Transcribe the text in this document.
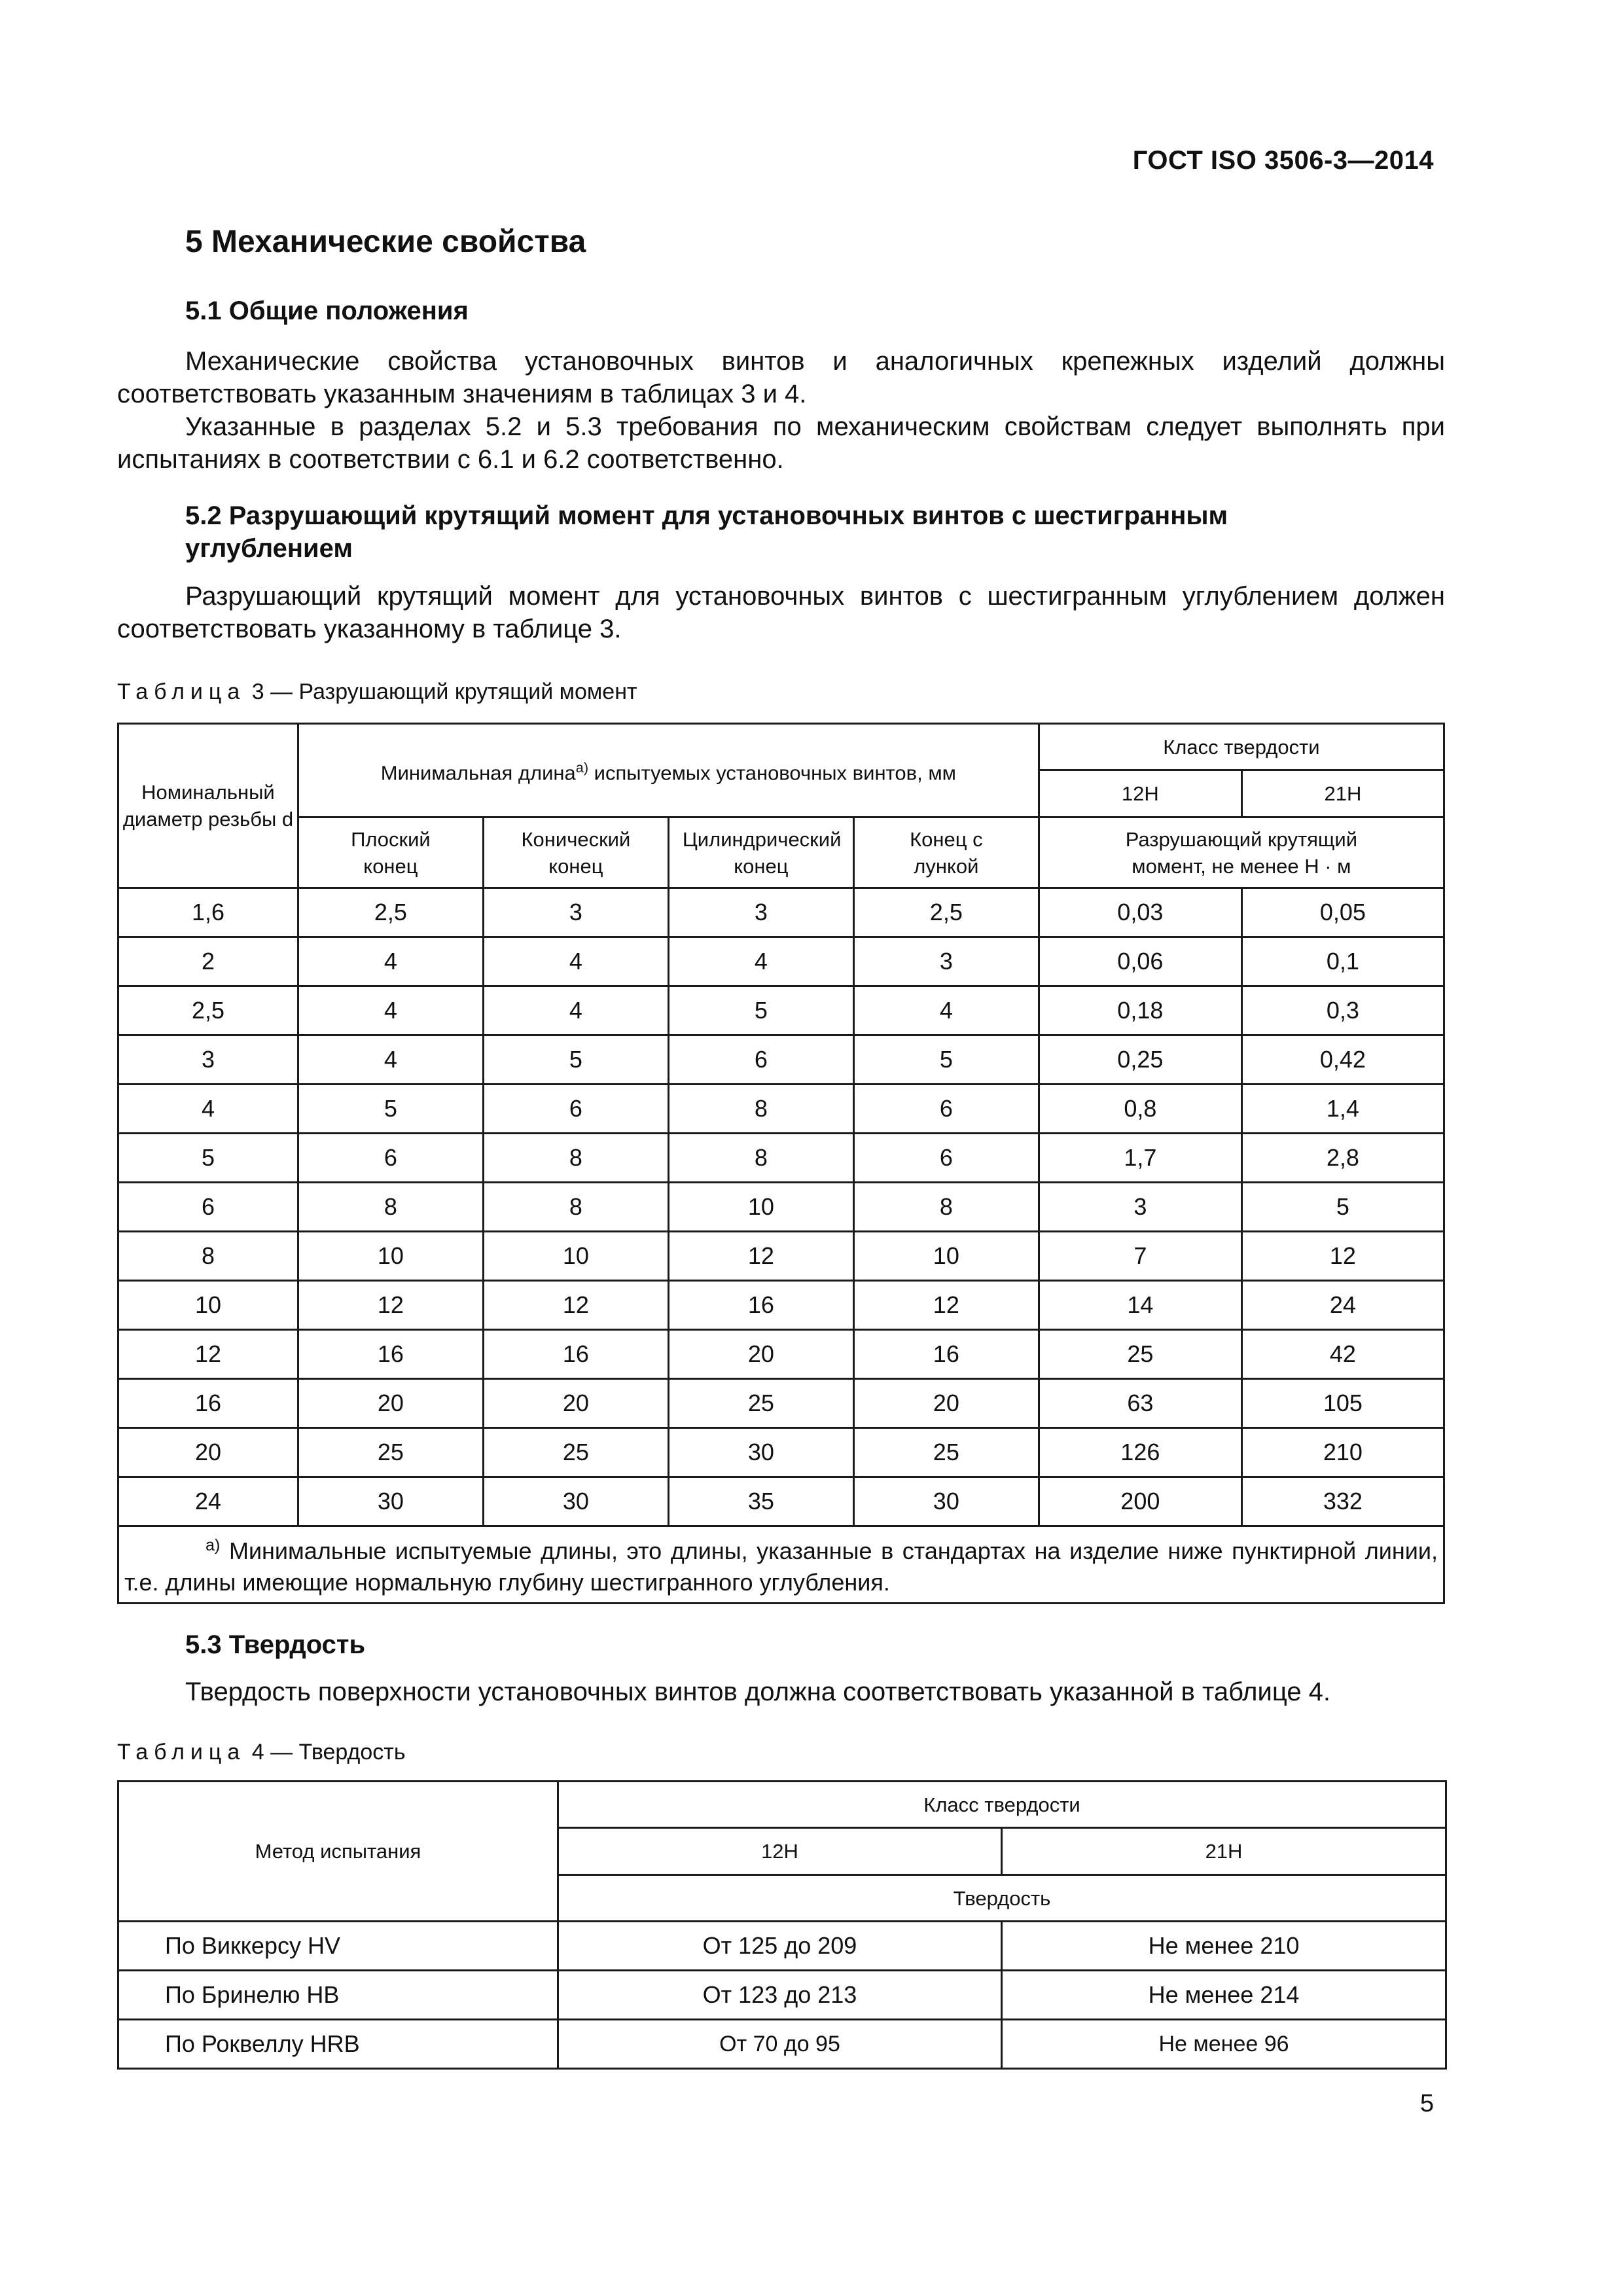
ГОСТ ISO 3506-3—2014
5 Механические свойства
5.1 Общие положения

Механические свойства установочных винтов и аналогичных крепежных изделий должны соответствовать указанным значениям в таблицах 3 и 4.

Указанные в разделах 5.2 и 5.3 требования по механическим свойствам следует выполнять при испытаниях в соответствии с 6.1 и 6.2 соответственно.

5.2 Разрушающий крутящий момент для установочных винтов с шестигранным
углублением

Разрушающий крутящий момент для установочных винтов с шестигранным углублением должен соответствовать указанному в таблице 3.

Таблица 3 — Разрушающий крутящий момент
Номинальный диаметр резьбы d	Минимальная длина$^{а)}$ испытуемых установочных винтов, мм				Класс твердости	
					12H	21H
	Плоский конец	Конический конец	Цилиндрический конец	Конец с лункой	Разрушающий крутящий момент, не менее Н · м	
1,6	2,5	3	3	2,5	0,03	0,05
2	4	4	4	3	0,06	0,1
2,5	4	4	5	4	0,18	0,3
3	4	5	6	5	0,25	0,42
4	5	6	8	6	0,8	1,4
5	6	8	8	6	1,7	2,8
6	8	8	10	8	3	5
8	10	10	12	10	7	12
10	12	12	16	12	14	24
12	16	16	20	16	25	42
16	20	20	25	20	63	105
20	25	25	30	25	126	210
24	30	30	35	30	200	332
$^{а)}$ Минимальные испытуемые длины, это длины, указанные в стандартах на изделие ниже пунктирной линии, т.е. длины имеющие нормальную глубину шестигранного углубления.						
5.3 Твердость

Твердость поверхности установочных винтов должна соответствовать указанной в таблице 4.

Таблица 4 — Твердость
Метод испытания	Класс твердости	
	12H	21H
	Твердость	
По Виккерсу HV	От 125 до 209	Не менее 210
По Бринелю HB	От 123 до 213	Не менее 214
По Роквеллу HRB	От 70 до 95	Не менее 96
5
